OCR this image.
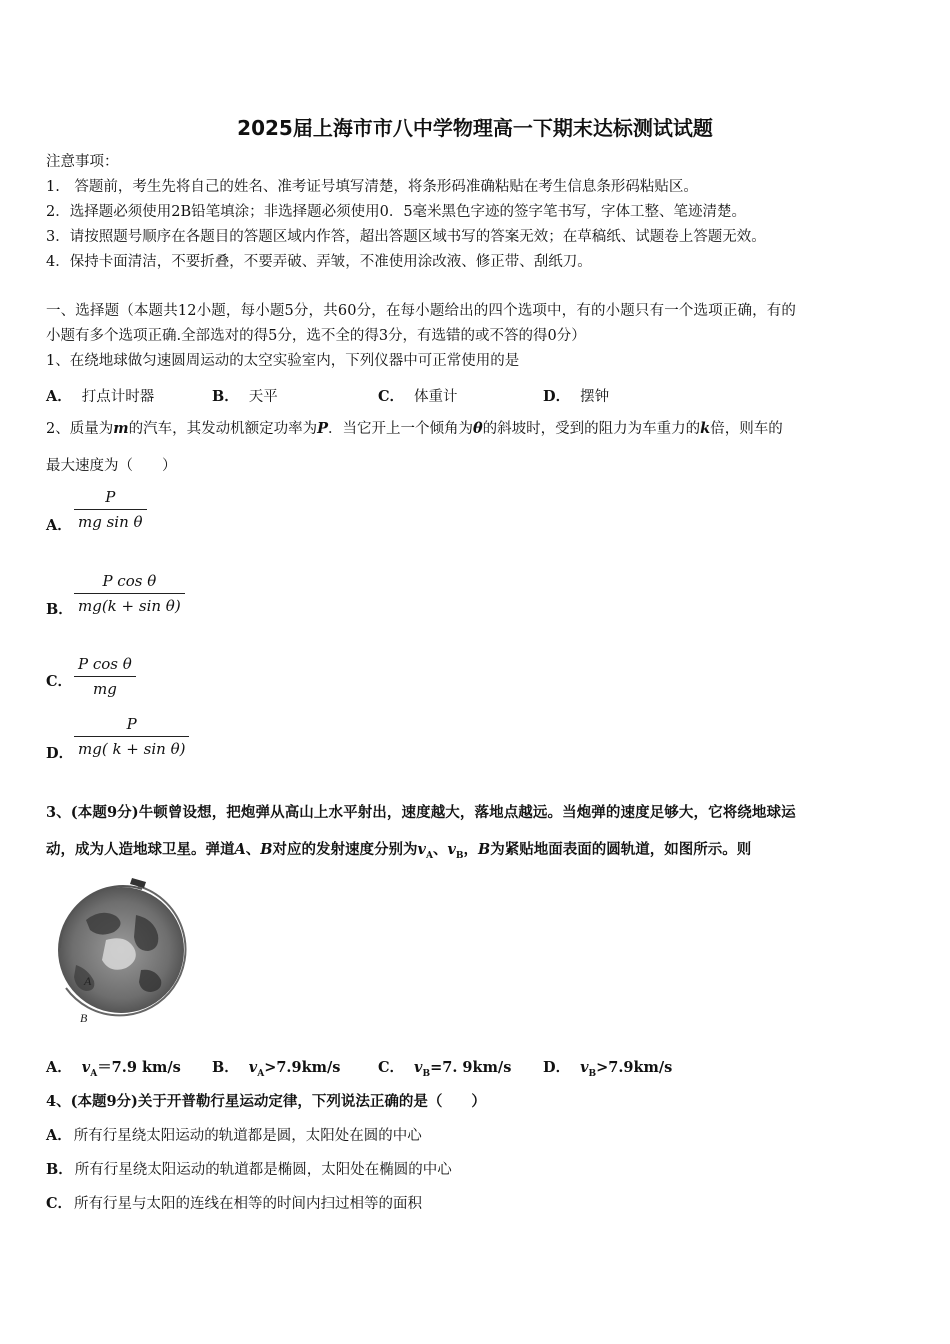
2025届上海市市八中学物理高一下期末达标测试试题
注意事项：
1.　答题前，考生先将自己的姓名、准考证号填写清楚，将条形码准确粘贴在考生信息条形码粘贴区。
2．选择题必须使用2B铅笔填涂；非选择题必须使用0．5毫米黑色字迹的签字笔书写，字体工整、笔迹清楚。
3．请按照题号顺序在各题目的答题区域内作答，超出答题区域书写的答案无效；在草稿纸、试题卷上答题无效。
4．保持卡面清洁，不要折叠，不要弄破、弄皱，不准使用涂改液、修正带、刮纸刀。
一、选择题（本题共12小题，每小题5分，共60分，在每小题给出的四个选项中，有的小题只有一个选项正确，有的
小题有多个选项正确.全部选对的得5分，选不全的得3分，有选错的或不答的得0分）
1、在绕地球做匀速圆周运动的太空实验室内，下列仪器中可正常使用的是
A． 打点计时器	B． 天平	C． 体重计	D． 摆钟
2、质量为m的汽车，其发动机额定功率为P．当它开上一个倾角为θ的斜坡时，受到的阻力为车重力的k倍，则车的
最大速度为（　　）
A．
P
mg sin θ
B．
P cos θ
mg(k + sin θ)
C．
P cos θ
mg
D．
P
mg( k + sin θ)
3、(本题9分)牛顿曾设想，把炮弹从高山上水平射出，速度越大，落地点越远。当炮弹的速度足够大，它将绕地球运
动，成为人造地球卫星。弹道A、B对应的发射速度分别为$v_A$、$v_B$，B为紧贴地面表面的圆轨道，如图所示。则
A
B
A． $v_A=7.9$ km/s B． $v_A>7.9km/s$	C． $v_B=7$. 9km/s D． $v_B>7.9km/s$
4、(本题9分)关于开普勒行星运动定律，下列说法正确的是（　　）
A． 所有行星绕太阳运动的轨道都是圆，太阳处在圆的中心
B． 所有行星绕太阳运动的轨道都是椭圆，太阳处在椭圆的中心
C． 所有行星与太阳的连线在相等的时间内扫过相等的面积
